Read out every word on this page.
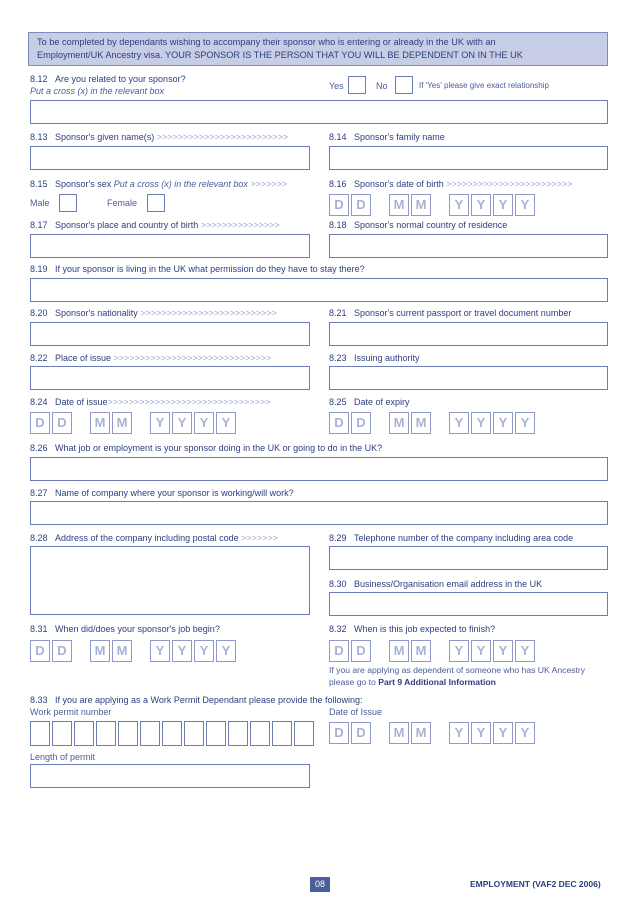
To be completed by dependants wishing to accompany their sponsor who is entering or already in the UK with an
Employment/UK Ancestry visa. YOUR SPONSOR IS THE PERSON THAT YOU WILL BE DEPENDENT ON IN THE UK
8.12 Are you related to your sponsor?
Put a cross (x) in the relevant box	Yes	No	If 'Yes' please give exact relationship
8.13 Sponsor's given name(s) >>>>>>>>>>>>>>>>>>>>>>>>>	8.14 Sponsor's family name
8.15 Sponsor's sex Put a cross (x) in the relevant box >>>>>>>	8.16 Sponsor's date of birth >>>>>>>>>>>>>>>>>>>>>>>>
Male	Female	D D	M M	Y	Y	Y	Y
8.17 Sponsor's place and country of birth >>>>>>>>>>>>>>>	8.18 Sponsor's normal country of residence
8.19 If your sponsor is living in the UK what permission do they have to stay there?
8.20 Sponsor's nationality >>>>>>>>>>>>>>>>>>>>>>>>>>	8.21 Sponsor's current passport or travel document number
8.22 Place of issue >>>>>>>>>>>>>>>>>>>>>>>>>>>>>>	8.23 Issuing authority
8.24 Date of issue>>>>>>>>>>>>>>>>>>>>>>>>>>>>>>>	8.25 Date of expiry
D D	M M	Y	Y	Y	Y	D D	M M	Y	Y	Y	Y
8.26 What job or employment is your sponsor doing in the UK or going to do in the UK?
8.27 Name of company where your sponsor is working/will work?
8.28 Address of the company including postal code >>>>>>>	8.29 Telephone number of the company including area code
8.30 Business/Organisation email address in the UK
8.31 When did/does your sponsor's job begin?	8.32 When is this job expected to finish?
D D	M M	Y	Y	Y	Y	D D	M M	Y	Y	Y	Y
If you are applying as dependent of someone who has UK Ancestry
please go to Part 9 Additional Information
8.33 If you are applying as a Work Permit Dependant please provide the following:
Work permit number	Date of Issue
D D	M M	Y	Y	Y	Y
Length of permit
08	EMPLOYMENT (VAF2 DEC 2006)
